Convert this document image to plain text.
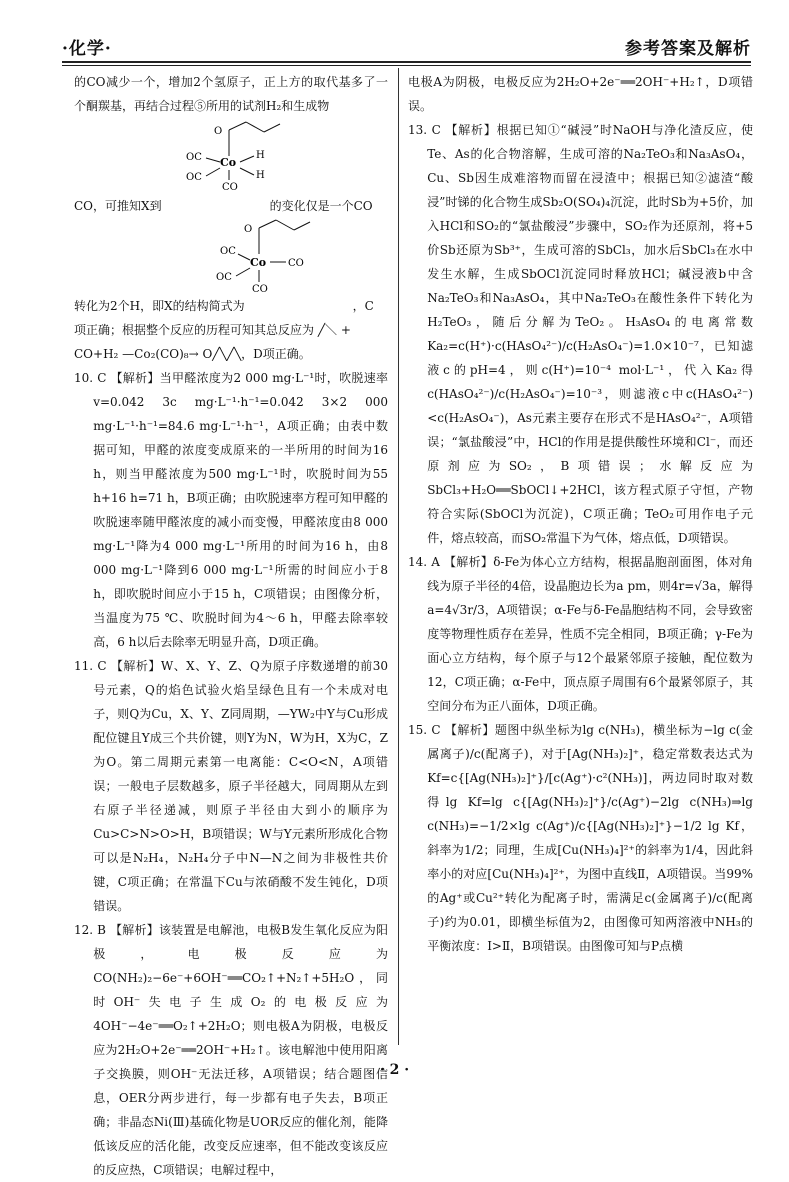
·化学·	参考答案及解析

的CO减少一个，增加2个氢原子，正上方的取代基多了一个酮羰基，再结合过程⑤所用的试剂H₂和生成物

O
OC Co
H
H
OC
CO

CO，可推知X到　　　　　　　　　的变化仅是一个CO

O
OC
Co CO
OC
CO

转化为2个H，即X的结构简式为　　　　　　　　　，C

项正确；根据整个反应的历程可知其总反应为 ╱＼ +

CO+H₂ —Co₂(CO)₈→ O╱╲╱╲，D项正确。

10. C 【解析】当甲醛浓度为2 000 mg·L⁻¹时，吹脱速率v=0.042 3c mg·L⁻¹·h⁻¹=0.042 3×2 000 mg·L⁻¹·h⁻¹=84.6 mg·L⁻¹·h⁻¹，A项正确；由表中数据可知，甲醛的浓度变成原来的一半所用的时间为16 h，则当甲醛浓度为500 mg·L⁻¹时，吹脱时间为55 h+16 h=71 h，B项正确；由吹脱速率方程可知甲醛的吹脱速率随甲醛浓度的减小而变慢，甲醛浓度由8 000 mg·L⁻¹降为4 000 mg·L⁻¹所用的时间为16 h，由8 000 mg·L⁻¹降到6 000 mg·L⁻¹所需的时间应小于8 h，即吹脱时间应小于15 h，C项错误；由图像分析，当温度为75 ℃、吹脱时间为4～6 h，甲醛去除率较高，6 h以后去除率无明显升高，D项正确。

11. C 【解析】W、X、Y、Z、Q为原子序数递增的前30号元素，Q的焰色试验火焰呈绿色且有一个未成对电子，则Q为Cu，X、Y、Z同周期，—YW₂中Y与Cu形成配位键且Y成三个共价键，则Y为N，W为H，X为C，Z为O。第二周期元素第一电离能：C<O<N，A项错误；一般电子层数越多，原子半径越大，同周期从左到右原子半径递减，则原子半径由大到小的顺序为Cu>C>N>O>H，B项错误；W与Y元素所形成化合物可以是N₂H₄，N₂H₄分子中N—N之间为非极性共价键，C项正确；在常温下Cu与浓硝酸不发生钝化，D项错误。

12. B 【解析】该装置是电解池，电极B发生氧化反应为阳极，电极反应为CO(NH₂)₂−6e⁻+6OH⁻══CO₂↑+N₂↑+5H₂O，同时OH⁻失电子生成O₂的电极反应为4OH⁻−4e⁻══O₂↑+2H₂O；则电极A为阴极，电极反应为2H₂O+2e⁻══2OH⁻+H₂↑。该电解池中使用阳离子交换膜，则OH⁻无法迁移，A项错误；结合题图信息，OER分两步进行，每一步都有电子失去，B项正确；非晶态Ni(Ⅲ)基硫化物是UOR反应的催化剂，能降低该反应的活化能，改变反应速率，但不能改变该反应的反应热，C项错误；电解过程中，

电极A为阴极，电极反应为2H₂O+2e⁻══2OH⁻+H₂↑，D项错误。

13. C 【解析】根据已知①“碱浸”时NaOH与净化渣反应，使Te、As的化合物溶解，生成可溶的Na₂TeO₃和Na₃AsO₄，Cu、Sb因生成难溶物而留在浸渣中；根据已知②滤渣“酸浸”时锑的化合物生成Sb₂O(SO₄)₄沉淀，此时Sb为+5价，加入HCl和SO₂的“氯盐酸浸”步骤中，SO₂作为还原剂，将+5价Sb还原为Sb³⁺，生成可溶的SbCl₃，加水后SbCl₃在水中发生水解，生成SbOCl沉淀同时释放HCl；碱浸液b中含Na₂TeO₃和Na₃AsO₄，其中Na₂TeO₃在酸性条件下转化为H₂TeO₃，随后分解为TeO₂。H₃AsO₄的电离常数Ka₂=c(H⁺)·c(HAsO₄²⁻)/c(H₂AsO₄⁻)=1.0×10⁻⁷，已知滤液c的pH=4，则c(H⁺)=10⁻⁴ mol·L⁻¹，代入Ka₂得c(HAsO₄²⁻)/c(H₂AsO₄⁻)=10⁻³，则滤液c中c(HAsO₄²⁻)<c(H₂AsO₄⁻)，As元素主要存在形式不是HAsO₄²⁻，A项错误；“氯盐酸浸”中，HCl的作用是提供酸性环境和Cl⁻，而还原剂应为SO₂，B项错误；水解反应为SbCl₃+H₂O══SbOCl↓+2HCl，该方程式原子守恒，产物符合实际(SbOCl为沉淀)，C项正确；TeO₂可用作电子元件，熔点较高，而SO₂常温下为气体，熔点低，D项错误。

14. A 【解析】δ-Fe为体心立方结构，根据晶胞剖面图，体对角线为原子半径的4倍，设晶胞边长为a pm，则4r=√3a，解得a=4√3r/3，A项错误；α-Fe与δ-Fe晶胞结构不同，会导致密度等物理性质存在差异，性质不完全相同，B项正确；γ-Fe为面心立方结构，每个原子与12个最紧邻原子接触，配位数为12，C项正确；α-Fe中，顶点原子周围有6个最紧邻原子，其空间分布为正八面体，D项正确。

15. C 【解析】题图中纵坐标为lg c(NH₃)，横坐标为−lg c(金属离子)/c(配离子)，对于[Ag(NH₃)₂]⁺，稳定常数表达式为Kf=c{[Ag(NH₃)₂]⁺}/[c(Ag⁺)·c²(NH₃)]，两边同时取对数得lg Kf=lg c{[Ag(NH₃)₂]⁺}/c(Ag⁺)−2lg c(NH₃)⇒lg c(NH₃)=−1/2×lg c(Ag⁺)/c{[Ag(NH₃)₂]⁺}−1/2 lg Kf，斜率为1/2；同理，生成[Cu(NH₃)₄]²⁺的斜率为1/4，因此斜率小的对应[Cu(NH₃)₄]²⁺，为图中直线Ⅱ，A项错误。当99%的Ag⁺或Cu²⁺转化为配离子时，需满足c(金属离子)/c(配离子)约为0.01，即横坐标值为2，由图像可知两溶液中NH₃的平衡浓度：Ⅰ>Ⅱ，B项错误。由图像可知与P点横

· 2 ·
